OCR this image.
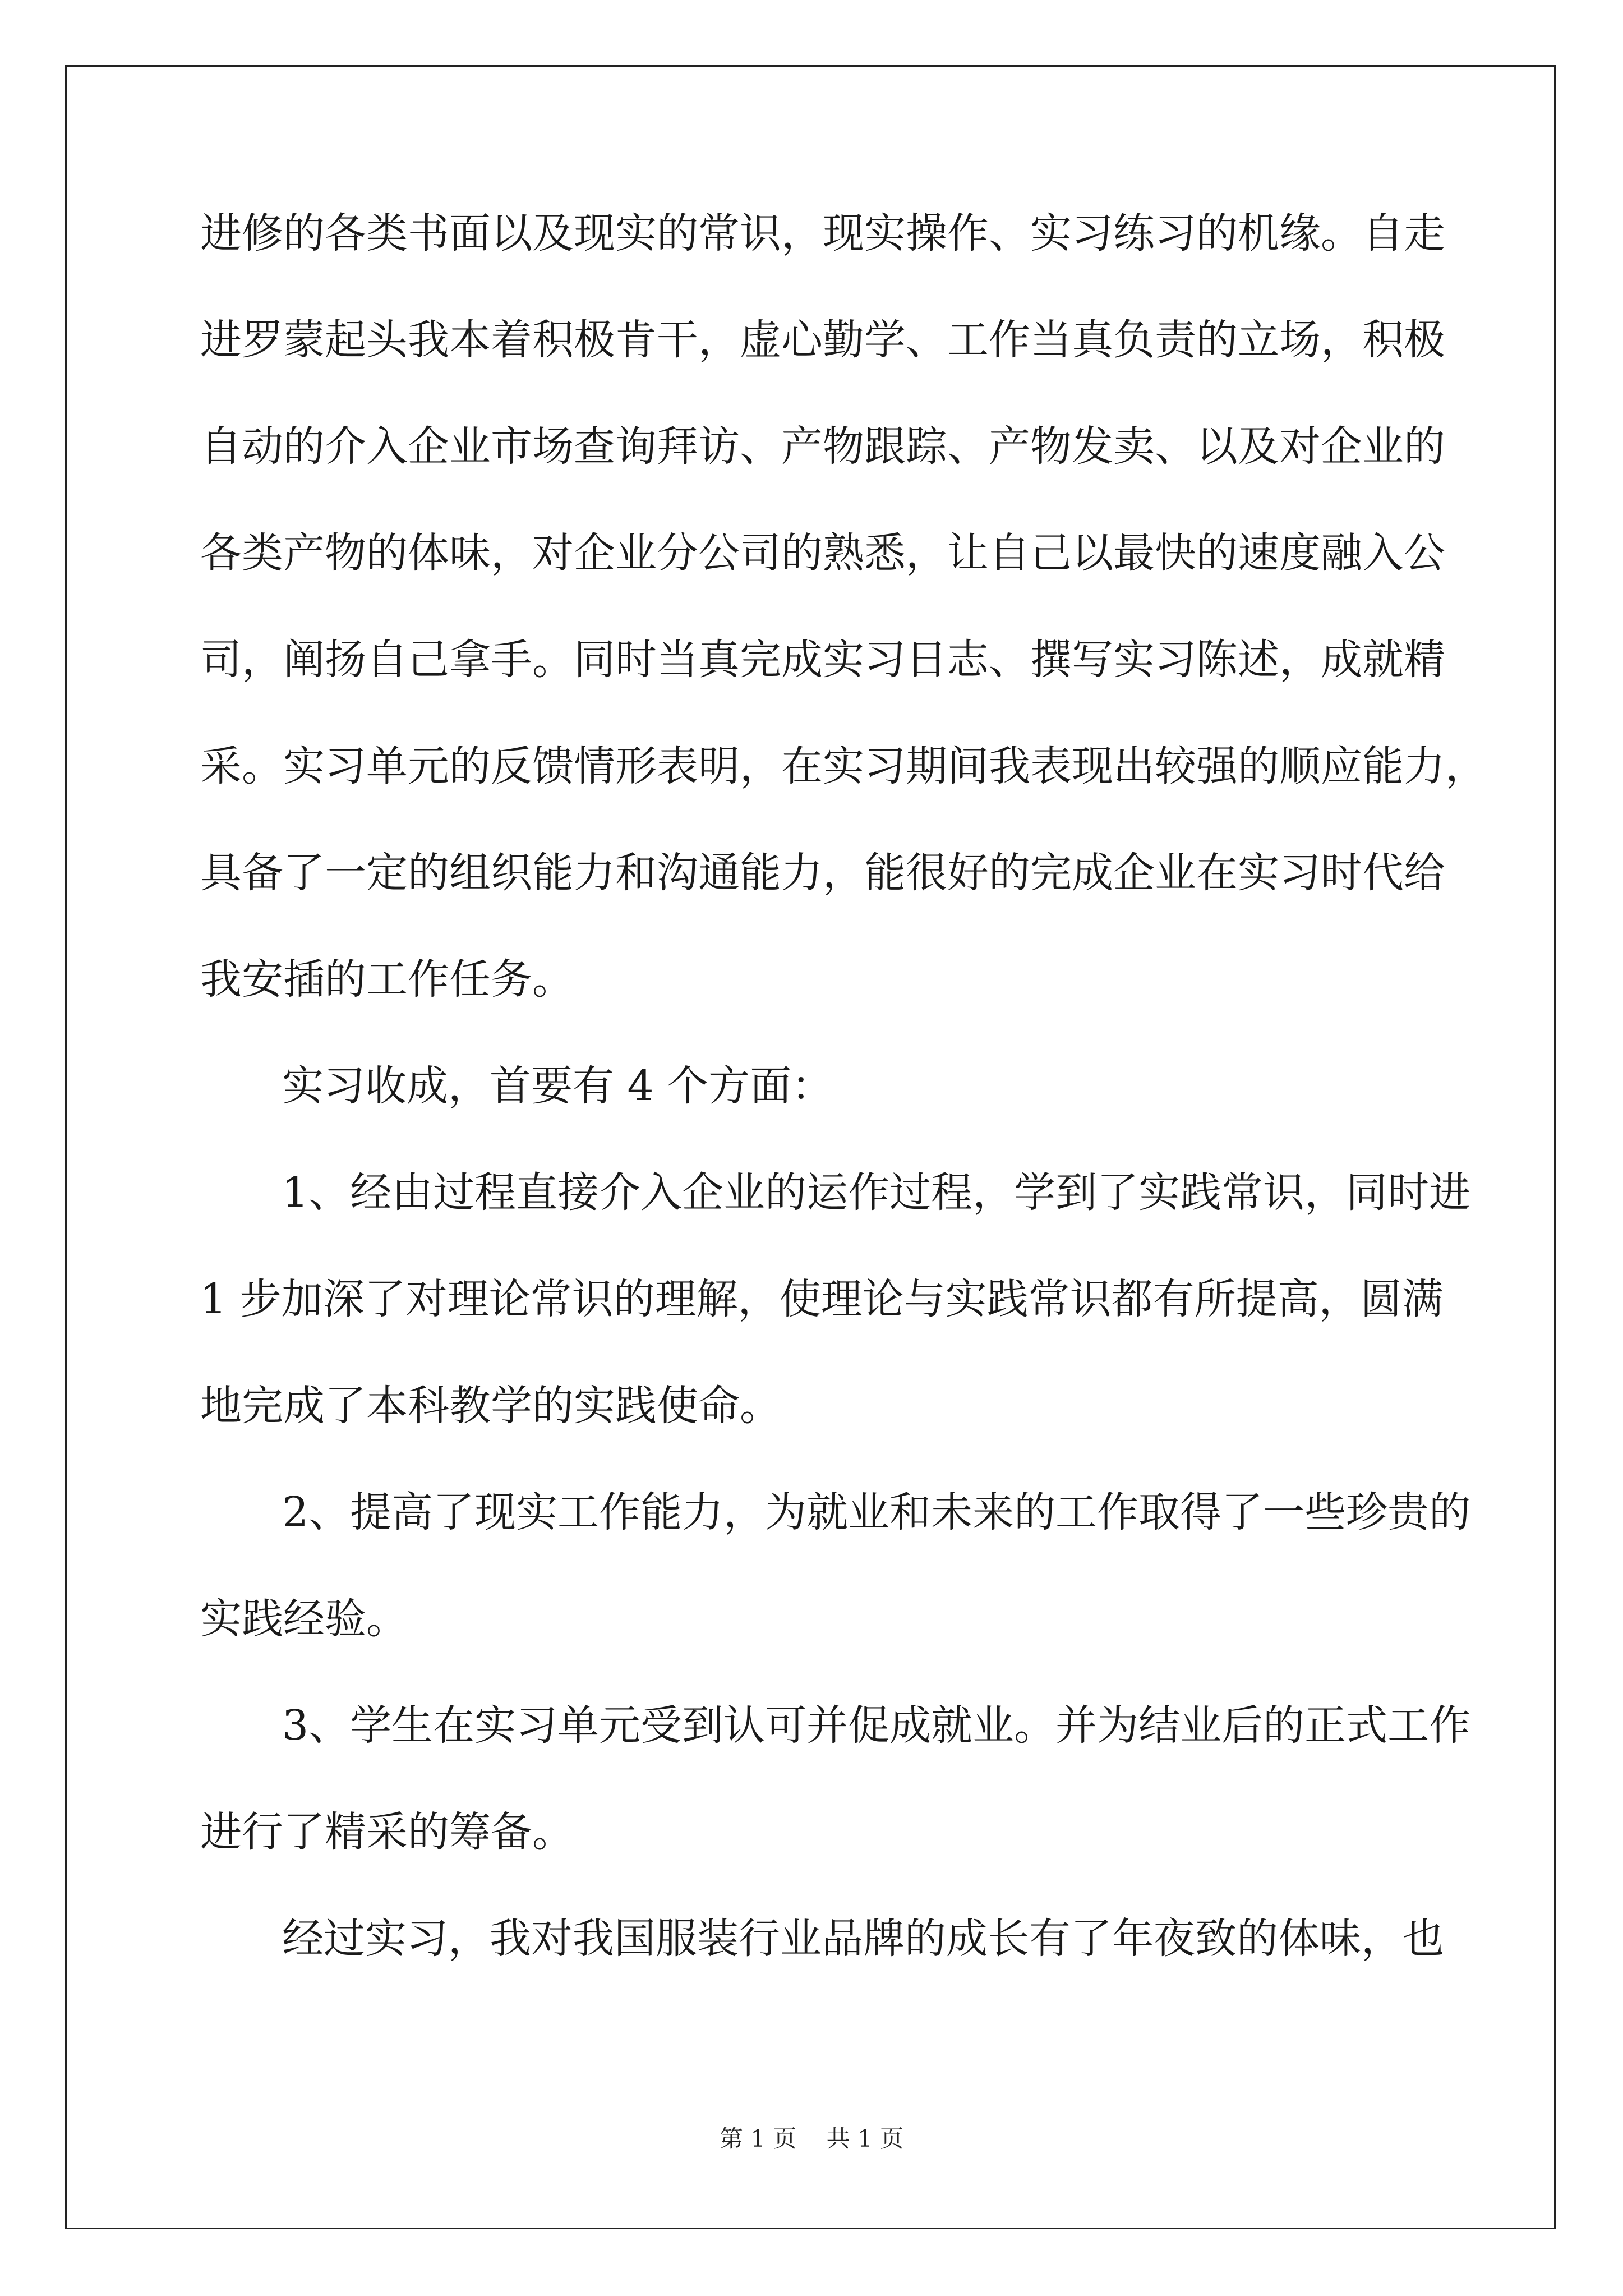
进修的各类书面以及现实的常识，现实操作、实习练习的机缘。自走
进罗蒙起头我本着积极肯干，虚心勤学、工作当真负责的立场，积极
自动的介入企业市场查询拜访、产物跟踪、产物发卖、以及对企业的
各类产物的体味，对企业分公司的熟悉，让自己以最快的速度融入公
司，阐扬自己拿手。同时当真完成实习日志、撰写实习陈述，成就精
采。实习单元的反馈情形表明，在实习期间我表现出较强的顺应能力，
具备了一定的组织能力和沟通能力，能很好的完成企业在实习时代给
我安插的工作任务。
实习收成，首要有 4 个方面：
1、经由过程直接介入企业的运作过程，学到了实践常识，同时进
1 步加深了对理论常识的理解，使理论与实践常识都有所提高，圆满
地完成了本科教学的实践使命。
2、提高了现实工作能力，为就业和未来的工作取得了一些珍贵的
实践经验。
3、学生在实习单元受到认可并促成就业。并为结业后的正式工作
进行了精采的筹备。
经过实习，我对我国服装行业品牌的成长有了年夜致的体味，也
第 1 页    共 1 页
